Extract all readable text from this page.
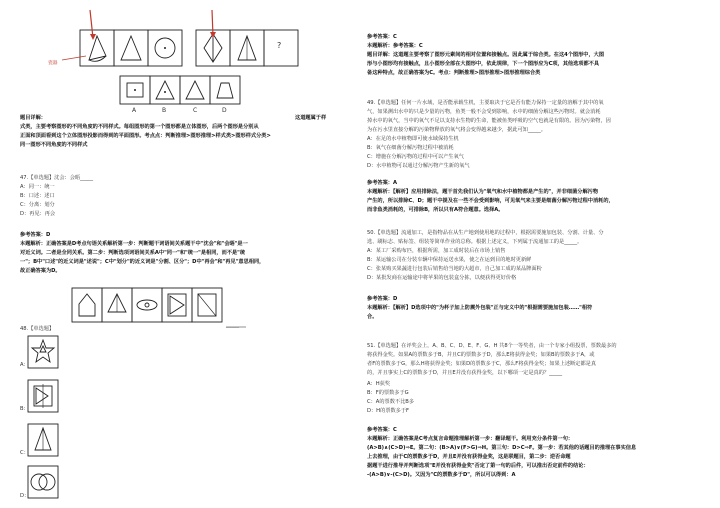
瓷器
?
A	B	C	D
题目详解：	这道题属于样
式类，主要考察图形的不同角度的不同样式。每组图形的第一个图形都是立体图形，后两个图形是分别从
正面和顶面看到这个立体图形投影而得到的平面图形。考点点：判断推理>图形推理>样式类>图形样式分类>
同一图形不同角度的不同样式
47.【单选题】沈会：会晤_____
A：同一：统一
B：口述：述口
C：分离：划分
D：再见：再会
参考答案：D
本题解析：正确答案是D考点句语关系解析第一步：判断题干词语间关系题干中"沈会"和"会晤"是一
对近义词。二者是全同关系。第二步：判断选项词语间关系A中"同一"和"统一"是相同，而不是"统
一"；B中"口述"的近义词是"述说"；C中"划分"的近义词是"分割、区分"；D中"再会"和"再见"意思相同，
故正确答案为D。
48.【单选题】
_____
A：
B：
C：
D：
参考答案：C
本题解析：参考答案：C
题目详解：这道题主要考察了图形元素间的相对位置和接触点。因此属于综合类。在这4个图形中，大图
形与小图形均有接触点，且小图形全部在大图形中，依此规律，下一个图形应为C项，其他选项都不具
备这种特点，故正确答案为C。考点：判断推理>图形推理>图形推理综合类
49.【单选题】任何一片水域，是否能承载生机，主要取决于它是否有能力保持一定量的溶解于其中的氧
气，如果测出水中的只是少量的污物，鱼类一般不会受到影响，水中的细菌分解这些污物时。就会消耗
掉水中的氧气，当中的氧气不足以支持水生物的生命，能被鱼类呼吸的空气也就是有限的。因为污染物，因
为在污水里直接分解的污染物释放的氧气将会变得越来越少，据此可知_____。
A：在足的水中植物即可使水域保持生机
B：氧气在细菌分解污物过程中被消耗
C：增施在分解污物的过程中可以产生氧气
D：水中植物可以通过分解污物产生新的氧气
参考答案：A
本题解析：【解析】应用排除法，题干首先我们认为"氧气和水中植物都是产生的"，并非细菌分解污物
产生的，所以排除C、D；题干中提及在一些不会受到影响，可见氧气来主要是细菌分解污物过程中消耗的，
而非鱼类消耗的，可排除B，所以只有A符合题意。选择A。
50.【单选题】流通加工，是指物品在从生产地到使用地的过程中，根据需要施加包装、分割、计量、分
选、刷标志、贴标签、组装等简单作业的总称。根据上述定义，下列属于流通加工的是_____。
A：某工厂采购布匹，根据所需，加工成时装后在市场上销售
B：某运输公司在分装车辆中保持运送水果，使之在运到目的地时更新鲜
C：张某购买果蔬进行包装后销售给当地的大超市，自己加工成的某品牌面粉
D：某批发商在运输途中将苹果的包装盒分拣，以便获得更好价格
参考答案：D
本题解析：【解析】D选项中的"为杯子加上防震外包装"正与定义中的"根据需要施加包装……"相符
合。
51.【单选题】在评奖会上，A、B、C、D、E、F、G、H 共8个一等奖者，由一个专家小组投票，票数最多的
将获得金奖。如果A的票数多于B，并且C的票数多于D，那么E将获得金奖；如果B的票数多于A，或
者F的票数多于G，那么H将获得金奖；如果D的票数多于C，那么F将获得金奖；如果上述断定都是真
的，并且事实上C的票数多于D，并且E并没有获得金奖，以下哪项一定是真的？_____
A：H获奖
B：F的票数多于G
C：A的票数不比B多
D：H的票数多于F
参考答案：C
本题解析：正确答案是C考点复言命题推理解析第一步：翻译题干。利用充分条件第一句：
(A>B)∧(C>D)⇒E。第二句：(B>A)∨(F>G)⇒H。第三句：D>C⇒F。第一步：若其他的话题目的推理在事实信息
上去推理，由于C的票数多于D，并且E并没有获得金奖，这是联题目，第二步：逆否命题
据题干进行推导并判断选项"E并没有获得金奖"否定了第一句的后件，可以推出否定前件的结论：
-(A>B)∨-(C>D)。又因为"C的票数多于D"，所以可以得到：A
